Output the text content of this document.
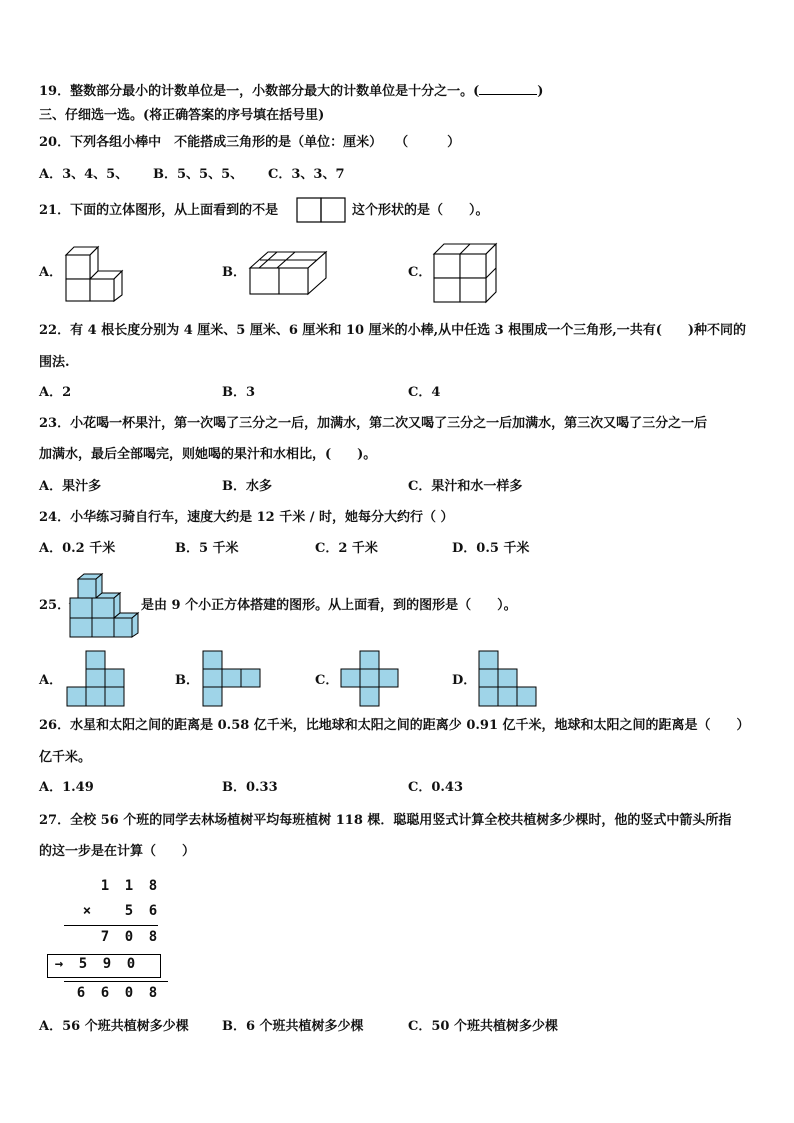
19．整数部分最小的计数单位是一，小数部分最大的计数单位是十分之一。(	)
三、仔细选一选。(将正确答案的序号填在括号里)
20．下列各组小棒中　不能搭成三角形的是（单位：厘米）　　（　　　）
A．3、4、5、 B．5、5、5、 C．3、3、7
21．下面的立体图形，从上面看到的不是	这个形状的是（　　）。
A．	B．	C．
22．有 4 根长度分别为 4 厘米、5 厘米、6 厘米和 10 厘米的小棒,从中任选 3 根围成一个三角形,一共有(　　)种不同的
围法.
A．2	B．3	C．4
23．小花喝一杯果汁，第一次喝了三分之一后，加满水，第二次又喝了三分之一后加满水，第三次又喝了三分之一后
加满水，最后全部喝完，则她喝的果汁和水相比，(　　)。
A．果汁多	B．水多	C．果汁和水一样多
24．小华练习骑自行车，速度大约是 12 千米 / 时，她每分大约行（ ）
A．0.2 千米	B．5 千米	C．2 千米	D．0.5 千米
25．	是由 9 个小正方体搭建的图形。从上面看，到的图形是（　　）。
A．	B．	C．	D．
26．水星和太阳之间的距离是 0.58 亿千米，比地球和太阳之间的距离少 0.91 亿千米，地球和太阳之间的距离是（　　）
亿千米。
A．1.49	B．0.33	C．0.43
27．全校 56 个班的同学去林场植树平均每班植树 118 棵．聪聪用竖式计算全校共植树多少棵时，他的竖式中箭头所指
的这一步是在计算（　　）
1	1	8
×	5	6
7	0	8
→	5	9	0
6	6	0	8
A．56 个班共植树多少棵	B．6 个班共植树多少棵	C．50 个班共植树多少棵
